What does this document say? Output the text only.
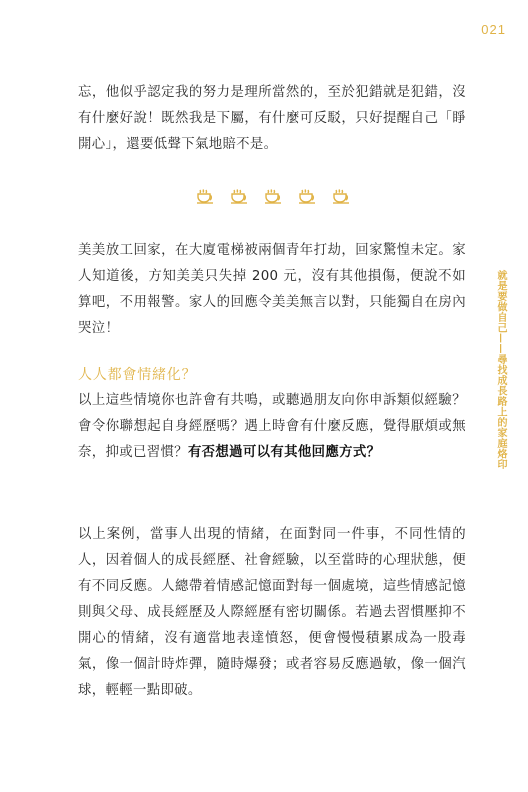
021
就是要做自己——尋找成長路上的家庭烙印

忘，他似乎認定我的努力是理所當然的，至於犯錯就是犯錯，沒有什麼好說！既然我是下屬，有什麼可反駁，只好提醒自己「睜開心」，還要低聲下氣地賠不是。

美美放工回家，在大廈電梯被兩個青年打劫，回家驚惶未定。家人知道後，方知美美只失掉 200 元，沒有其他損傷，便說不如算吧，不用報警。家人的回應令美美無言以對，只能獨自在房內哭泣！

人人都會情緒化？

以上這些情境你也許會有共鳴，或聽過朋友向你申訴類似經驗？會令你聯想起自身經歷嗎？遇上時會有什麼反應，覺得厭煩或無奈，抑或已習慣？有否想過可以有其他回應方式？

以上案例，當事人出現的情緒，在面對同一件事，不同性情的人，因着個人的成長經歷、社會經驗，以至當時的心理狀態，便有不同反應。人總帶着情感記憶面對每一個處境，這些情感記憶則與父母、成長經歷及人際經歷有密切關係。若過去習慣壓抑不開心的情緒，沒有適當地表達憤怒，便會慢慢積累成為一股毒氣，像一個計時炸彈，隨時爆發；或者容易反應過敏，像一個汽球，輕輕一點即破。
